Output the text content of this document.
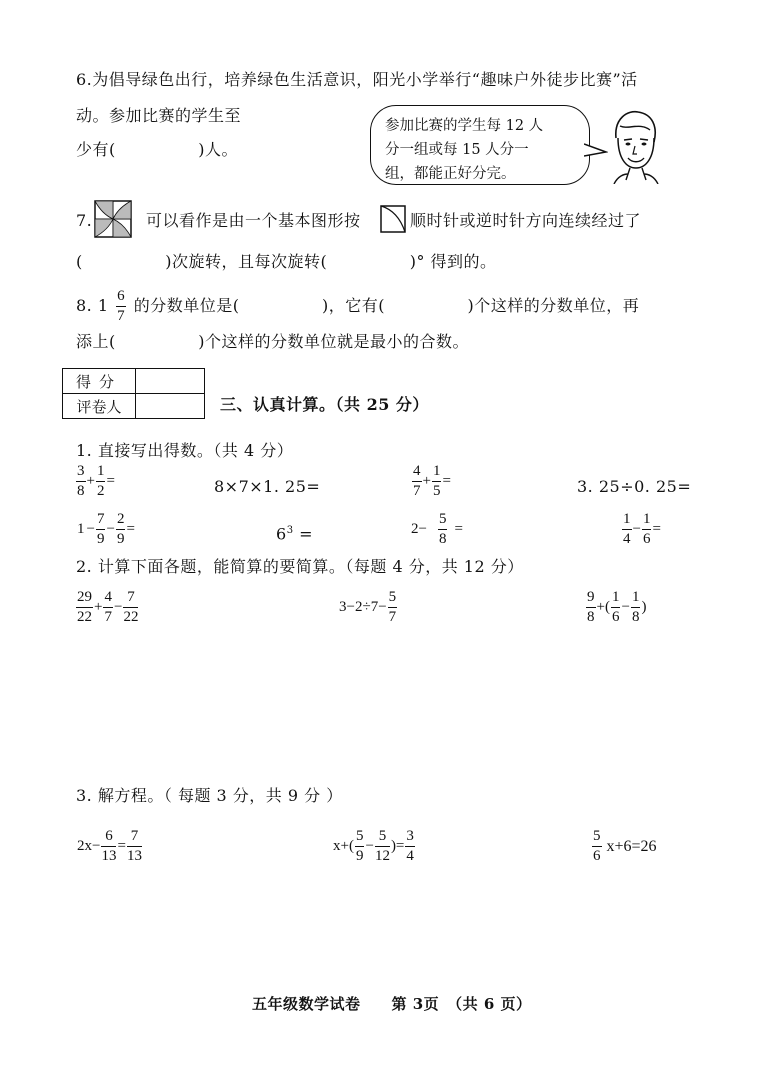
6.为倡导绿色出行，培养绿色生活意识，阳光小学举行“趣味户外徒步比赛”活
动。参加比赛的学生至
少有(　　　　　)人。
参加比赛的学生每 12 人
分一组或每 15 人分一
组，都能正好分完。
7.	可以看作是由一个基本图形按	顺时针或逆时针方向连续经过了
(　　　　　)次旋转，且每次旋转(　　　　　)° 得到的。
8. $1 \frac{6}{7}$ 的分数单位是(　　　　　)，它有(　　　　　)个这样的分数单位，再
添上(　　　　　)个这样的分数单位就是最小的合数。
得分	
评卷人		三、认真计算。（共 25 分）
1. 直接写出得数。（共 4 分）
$\frac{3}{8} + \frac{1}{2}$ =	8×7×1. 25=	$\frac{4}{7} + \frac{1}{5}$ =	3. 25÷0. 25=
$1 - \frac{7}{9} - \frac{2}{9}$ =	$6^3$ =	$2- \frac{5}{8}$ =	$\frac{1}{4} - \frac{1}{6}$ =
2. 计算下面各题，能简算的要简算。（每题 4 分，共 12 分）
$\frac{29}{22} + \frac{4}{7} - \frac{7}{22}$	$3-2\div 7- \frac{5}{7}$	$\frac{9}{8}$ +( $\frac{1}{6} - \frac{1}{8}$ )
3. 解方程。（ 每题 3 分，共 9 分 ）
$2x- \frac{6}{13} = \frac{7}{13}$	$x+( \frac{5}{9} - \frac{5}{12}$ )= $\frac{3}{4}$	$\frac{5}{6} x+6=26$
五年级数学试卷　　第 3页　（共 6 页）
